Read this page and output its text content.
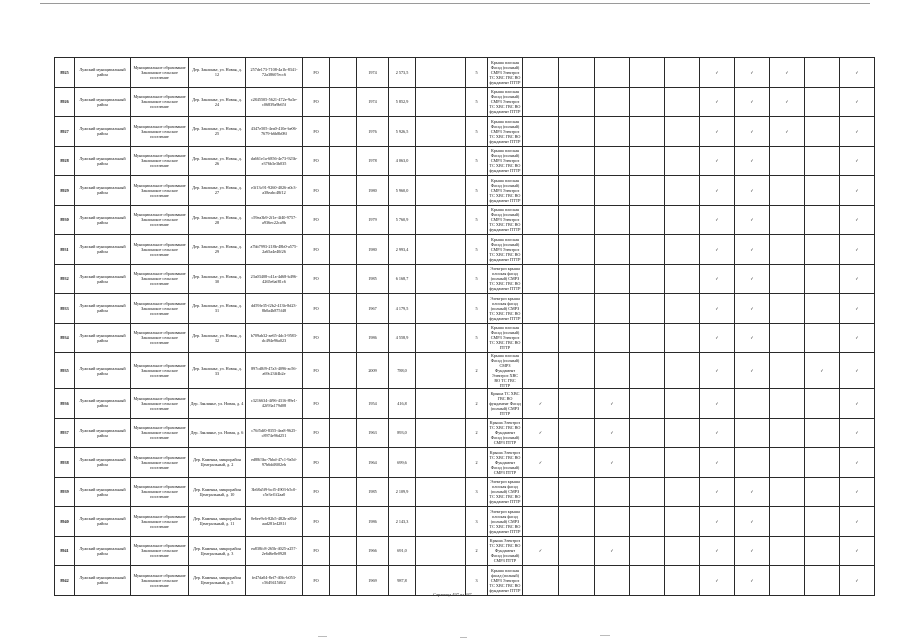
8925	Лужский муниципальный район	Муниципальное образование Заклинское сельское поселение	Дер. Заклинье, ул. Новая, д. 12	257de173-7108-4a1b-8341-72a38607ecc6	FO		1974	2 573,5		5	Крыша плоская Фасад (полный) СМРЗ Электроэ ТС ХВС ГВС ВО фундамент ПТТР						✓	✓	✓		✓
8926	Лужский муниципальный район	Муниципальное образование Заклинское сельское поселение	Дер. Заклинье, ул. Новая, д. 24	c2845505-5621-472e-9a3e-c06839a9b65f	FO		1974	5 852,9		5	Крыша плоская Фасад (полный) СМРЗ Электроэ ТС ХВС ГВС ВО фундамент ПТТР						✓	✓	✓		✓
8927	Лужский муниципальный район	Муниципальное образование Заклинское сельское поселение	Дер. Заклинье, ул. Новая, д. 25	4347e505-4ea0-410e-be06-7679-b6b8b08f	FO		1976	5 926,5		5	Крыша плоская Фасад (полный) СМРЗ Электроэ ТС ХВС ГВС ВО фундамент ПТТР						✓	✓	✓		✓
8928	Лужский муниципальный район	Муниципальное образование Заклинское сельское поселение	Дер. Заклинье, ул. Новая, д. 26	da661e1a-6856-4e73-923b-e376b3e3b035	FO		1978	4 063,0		5	Крыша плоская Фасад (полный) СМРЗ Электроэ ТС ХВС ГВС ВО фундамент ПТТР						✓	✓			✓
8929	Лужский муниципальный район	Муниципальное образование Заклинское сельское поселение	Дер. Заклинье, ул. Новая, д. 27	e3f13c91-9260-4026-a0c3-a38eabc48f12	FO		1980	5 960,0		5	Крыша плоская Фасад (полный) СМРЗ Электроэ ТС ХВС ГВС ВО фундамент ПТТР						✓	✓			✓
8930	Лужский муниципальный район	Муниципальное образование Заклинское сельское поселение	Дер. Заклинье, ул. Новая, д. 28	c59ea3b9-2f1e-4f40-9757-a936ec22ca9b	FO		1979	5 760,9		5	Крыша плоская Фасад (полный) СМРЗ Электроэ ТС ХВС ГВС ВО фундамент ПТТР						✓	✓			✓
8931	Лужский муниципальный район	Муниципальное образование Заклинское сельское поселение	Дер. Заклинье, ул. Новая, д. 29	a7bb7993-218b-48b0-a575-2a65a4e40f26	FO		1980	2 993,4		5	Крыша плоская Фасад (полный) СМРЗ Электроэ ТС ХВС ГВС ВО фундамент ПТТР						✓	✓			✓
8932	Лужский муниципальный район	Муниципальное образование Заклинское сельское поселение	Дер. Заклинье, ул. Новая, д. 30	23a03408-c41a-4d68-b496-4265e6af81c6	FO		1985	6 168,7		5	Электроэ крыша плоская фасад (полный) СМРЗ ТС ХВС ГВС ВО фундамент ПТТР						✓	✓			✓
8933	Лужский муниципальный район	Муниципальное образование Заклинское сельское поселение	Дер. Заклинье, ул. Новая, д. 31	dd59fe35-f2b2-413b-8d23-8b0a4b875f48	FO		1967	4 179,5		5	Электроэ крыша плоская фасад (полный) СМРЗ ТС ХВС ГВС ВО фундамент ПТТР						✓	✓			✓
8934	Лужский муниципальный район	Муниципальное образование Заклинское сельское поселение	Дер. Заклинье, ул. Новая, д. 32	b709ab32-ae65-4dc3-9583-dc494e96a023	FO		1986	4 558,9		5	Крыша плоская Фасад (полный) СМРЗ Электроэ ТС ХВС ГВС ВО ПТТР						✓	✓			✓
8935	Лужский муниципальный район	Муниципальное образование Заклинское сельское поселение	Дер. Заклинье, ул. Новая, д. 33	897cd8f9-47a3-4096-ac56-a69c23ff4b2e	FO		2009	788,0		2	Крыша плоская Фасад (полный) СМРЗ Фундамент Электроэ ХВС ВО ТС ГВС ПТТР						✓	✓		✓	✓
8936	Лужский муниципальный район	Муниципальное образование Заклинское сельское поселение	Дер. Заклинье, ул. Новая, д. 4	c3216634-4f96-4316-89e1-42f93a179d08	FO		1954	416,8		2	Крыша ТС ХВС ГВС ВО фундамент Фасад (полный) СМРЗ ПТТР	✓		✓			✓				✓
8937	Лужский муниципальный район	Муниципальное образование Заклинское сельское поселение	Дер. Заклинье, ул. Новая, д. 6	c76f5df0-8355-4ea8-9625-c8974e96d251	FO		1963	893,0		2	Крыша Электроэ ТС ХВС ГВС ВО Фундамент Фасад (полный) СМРЗ ПТТР	✓		✓			✓				✓
8938	Лужский муниципальный район	Муниципальное образование Заклинское сельское поселение	Дер. Каменка, микрорайон Центральный, д. 2	ed88f3bc-7bbd-47c1-9a5d-97b6dd8f02eb	PO		1964	699,6		2	Крыша Электроэ ТС ХВС ГВС ВО Фундамент Фасад (полный) СМРЗ ПТТР	✓		✓			✓				✓
8939	Лужский муниципальный район	Муниципальное образование Заклинское сельское поселение	Дер. Каменка, микрорайон Центральный, д. 10	3b68a5f9-bcf5-4903-b5c0-c5e3ef1f2aa0	FO		1985	2 109,9		3	Электроэ крыша плоская фасад (полный) СМРЗ ТС ХВС ГВС ВО фундамент ПТТР						✓	✓			✓
8940	Лужский муниципальный район	Муниципальное образование Заклинское сельское поселение	Дер. Каменка, микрорайон Центральный, д. 11	0e6ee9c6-82b5-482b-a83d-aad281e4281f	FO		1986	2 143,3		3	Электроэ крыша плоская фасад (полный) СМРЗ ТС ХВС ГВС ВО фундамент ПТТР						✓	✓			✓
8941	Лужский муниципальный район	Муниципальное образование Заклинское сельское поселение	Дер. Каменка, микрорайон Центральный, д. 3	ea838fc8-265b-4025-a257-2e6d6e8e0928	FO		1966	691,0		2	Крыша Электроэ ТС ХВС ГВС ВО Фундамент Фасад (полный) СМРЗ ПТТР	✓		✓			✓	✓			✓
8942	Лужский муниципальный район	Муниципальное образование Заклинское сельское поселение	Дер. Каменка, микрорайон Центральный, д. 5	fe47da04-8ef7-40fc-b053-c5649415f0f2	FO		1969	987,8		3	Крыша плоская фасад (полный) СМРЗ Электроэ ТС ХВС ГВС ВО фундамент ПТТР						✓	✓			✓
Страница 497 из 687
